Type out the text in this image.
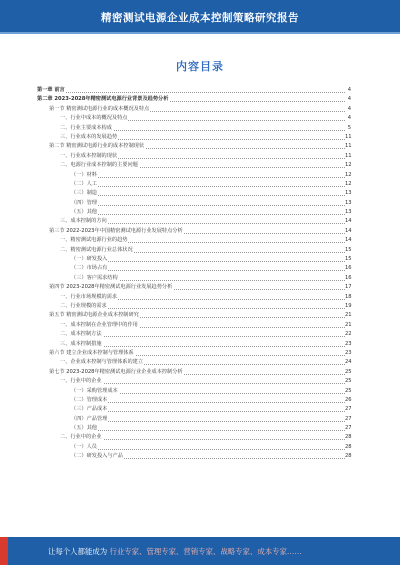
精密测试电源企业成本控制策略研究报告
内容目录
第一章 前言	4
第二章 2023-2028年精密测试电源行业背景及趋势分析	4
第一节 精密测试电源行业的成本概况及特点	4
一、行业中成本的概况及特点	4
二、行业主要成本构成	5
三、行业成本的发展趋势	11
第二节 精密测试电源行业的成本控制现状	11
一、行业成本控制的现状	11
二、电源行业成本控制的主要问题	12
（一）材料	12
（二）人工	12
（三）制造	13
（四）管理	13
（五）其他	13
三、成本控制的方向	14
第三节 2022-2023年中国精密测试电源行业发展特点分析	14
一、精密测试电源行业的趋势	14
二、精密测试电源行业总体状况	15
（一）研发投入	15
（二）市场占有	16
（三）客户需求结构	16
第四节 2023-2028年精密测试电源行业发展趋势分析	17
一、行业市场规模的需求	18
二、行业规模的需求	19
第五节 精密测试电源企业成本控制研究	21
一、成本控制在企业管理中的作用	21
二、成本控制方法	22
三、成本控制措施	23
第六节 建立企业成本控制与管理体系	23
一、企业成本控制与管理体系的建立	24
第七节 2023-2028年精密测试电源行业企业成本控制分析	25
一、行业中的企业	25
（一）采购管理成本	25
（二）管理成本	26
（三）产品成本	27
（四）产品管理	27
（五）其他	27
二、行业中的企业	28
（一）人员	28
（二）研发投入与产品	28
让每个人都能成为 行业专家、管理专家、营销专家、战略专家、成本专家……
